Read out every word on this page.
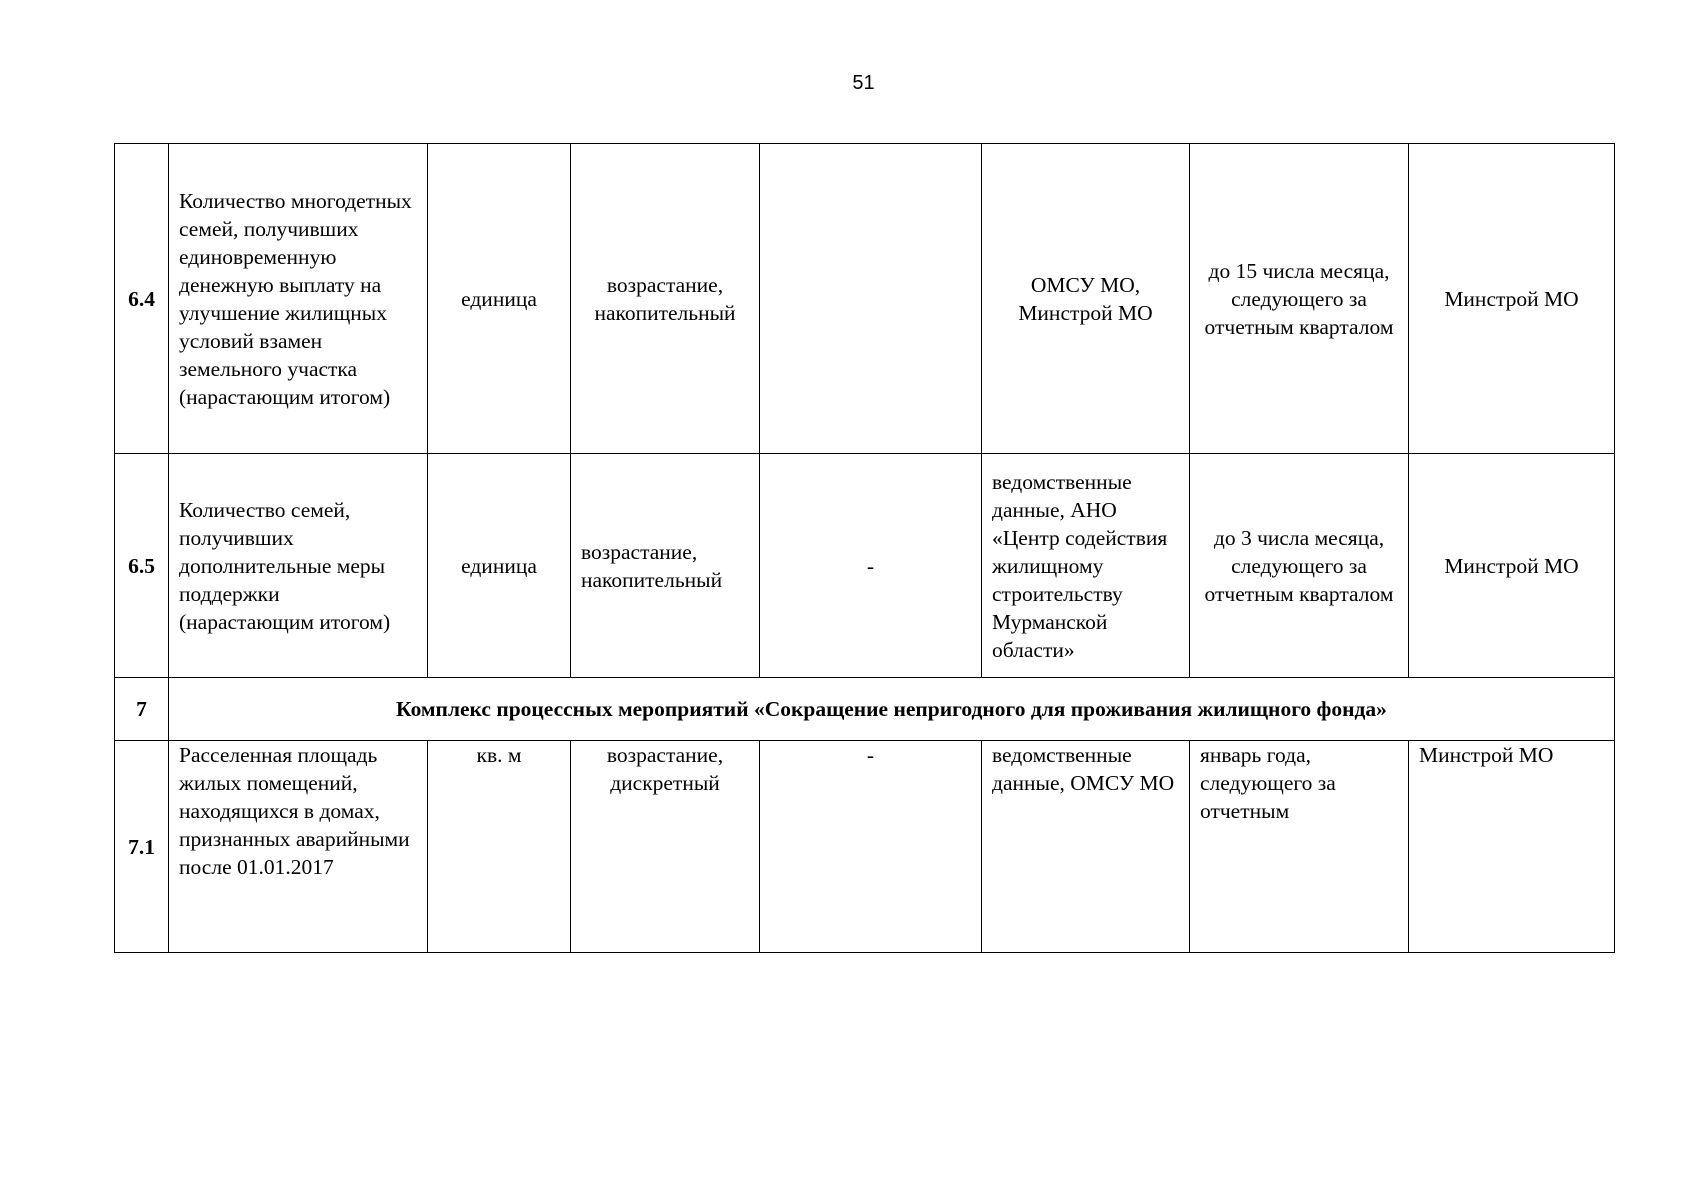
51
6.4	Количество многодетных семей, получивших единовременную денежную выплату на улучшение жилищных условий взамен земельного участка (нарастающим итогом)	единица	возрастание, накопительный		ОМСУ МО, Минстрой МО	до 15 числа месяца, следующего за отчетным кварталом	Минстрой МО
6.5	Количество семей, получивших дополнительные меры поддержки (нарастающим итогом)	единица	возрастание, накопительный	-	ведомственные данные, АНО «Центр содействия жилищному строительству Мурманской области»	до 3 числа месяца, следующего за отчетным кварталом	Минстрой МО
7	Комплекс процессных мероприятий «Сокращение непригодного для проживания жилищного фонда»						
7.1	Расселенная площадь жилых помещений, находящихся в домах, признанных аварийными после 01.01.2017	кв. м	возрастание, дискретный	-	ведомственные данные, ОМСУ МО	январь года, следующего за отчетным	Минстрой МО
